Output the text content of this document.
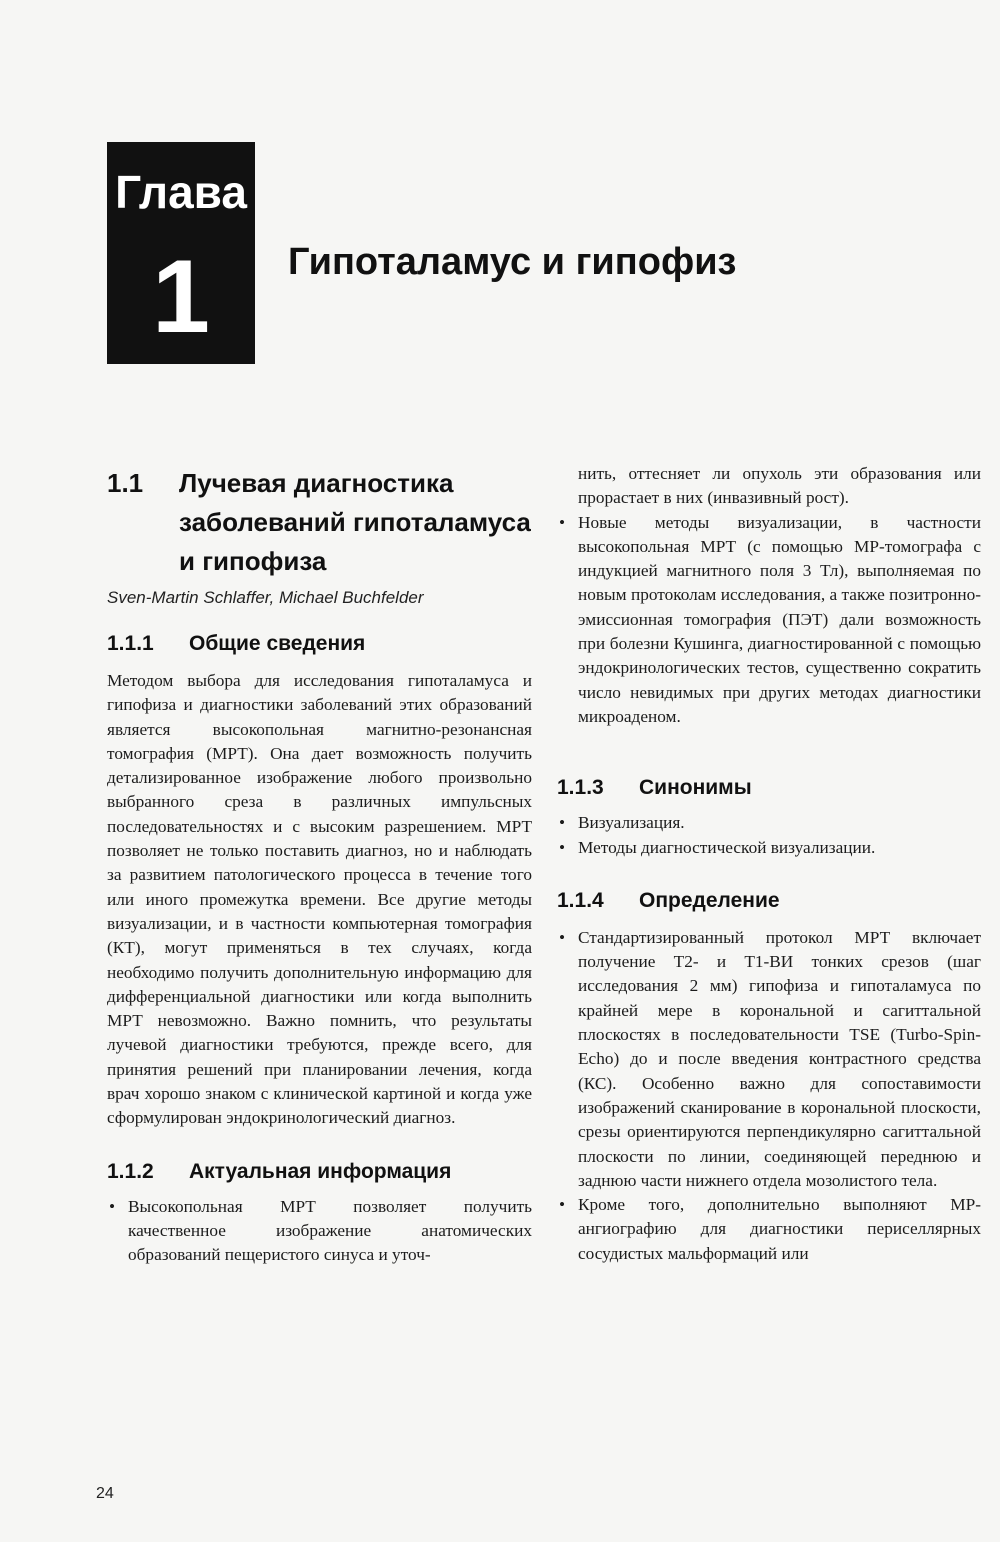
Глава
1	Гипоталамус и гипофиз
1.1	Лучевая диагностика заболеваний гипоталамуса и гипофиза
Sven-Martin Schlaffer, Michael Buchfelder
1.1.1	Общие сведения

Методом выбора для исследования гипоталамуса и гипофиза и диагностики заболеваний этих образований является высокопольная магнитно-резонансная томография (МРТ). Она дает возможность получить детализированное изображение любого произвольно выбранного среза в различных импульсных последовательностях и с высоким разрешением. МРТ позволяет не только поставить диагноз, но и наблюдать за развитием патологического процесса в течение того или иного промежутка времени. Все другие методы визуализации, и в частности компьютерная томография (КТ), могут применяться в тех случаях, когда необходимо получить дополнительную информацию для дифференциальной диагностики или когда выполнить МРТ невозможно. Важно помнить, что результаты лучевой диагностики требуются, прежде всего, для принятия решений при планировании лечения, когда врач хорошо знаком с клинической картиной и когда уже сформулирован эндокринологический диагноз.

1.1.2	Актуальная информация
• Высокопольная МРТ позволяет получить качественное изображение анатомических образований пещеристого синуса и уточ-

нить, оттесняет ли опухоль эти образования или прорастает в них (инвазивный рост).

• Новые методы визуализации, в частности высокопольная МРТ (с помощью МР-томографа с индукцией магнитного поля 3 Тл), выполняемая по новым протоколам исследования, а также позитронно-эмиссионная томография (ПЭТ) дали возможность при болезни Кушинга, диагностированной с помощью эндокринологических тестов, существенно сократить число невидимых при других методах диагностики микроаденом.
1.1.3	Синонимы
• Визуализация.
• Методы диагностической визуализации.
1.1.4	Определение
• Стандартизированный протокол МРТ включает получение Т2- и Т1-ВИ тонких срезов (шаг исследования 2 мм) гипофиза и гипоталамуса по крайней мере в корональной и сагиттальной плоскостях в последовательности TSE (Turbo-Spin-Echo) до и после введения контрастного средства (КС). Особенно важно для сопоставимости изображений сканирование в корональной плоскости, срезы ориентируются перпендикулярно сагиттальной плоскости по линии, соединяющей переднюю и заднюю части нижнего отдела мозолистого тела.
• Кроме того, дополнительно выполняют МР-ангиографию для диагностики периселлярных сосудистых мальформаций или
24
